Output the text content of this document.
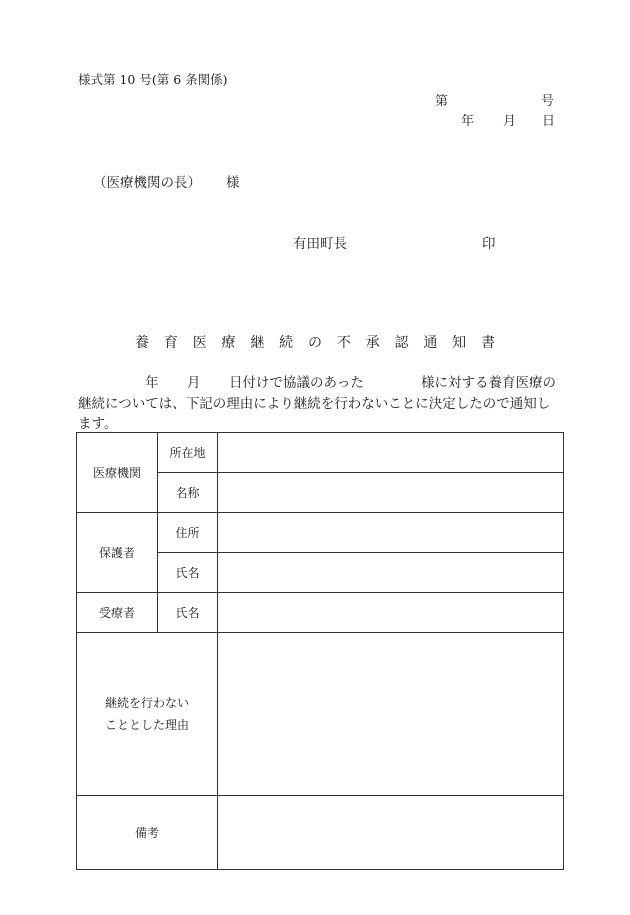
様式第 10 号(第 6 条関係)
第	号
年 月 日
（医療機関の長） 様
有田町長	印
養 育 医 療 継 続 の 不 承 認 通 知 書
年 月 日付けで協議のあった	様に対する養育医療の
継続については、下記の理由により継続を行わないことに決定したので通知し
ます。
医療機関	所在地	
	名称	
保護者	住所	
	氏名	
受療者	氏名	
継続を行わない
こととした理由		
備考		
